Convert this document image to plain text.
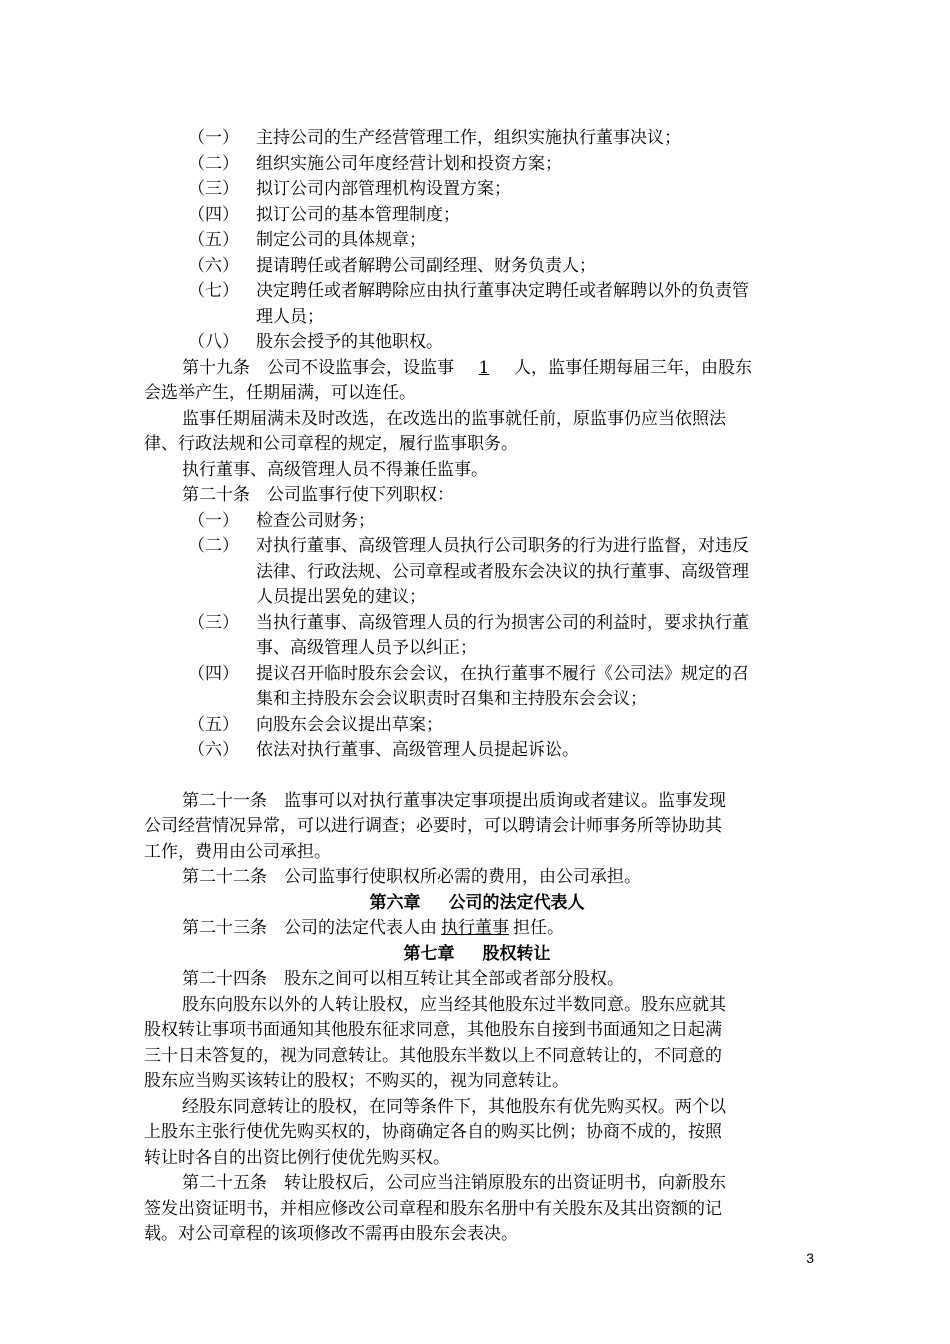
（一）	主持公司的生产经营管理工作，组织实施执行董事决议；
（二）	组织实施公司年度经营计划和投资方案；
（三）	拟订公司内部管理机构设置方案；
（四）	拟订公司的基本管理制度；
（五）	制定公司的具体规章；
（六）	提请聘任或者解聘公司副经理、财务负责人；
（七）	决定聘任或者解聘除应由执行董事决定聘任或者解聘以外的负责管
理人员；
（八）	股东会授予的其他职权。
第十九条　公司不设监事会，设监事 1 人，监事任期每届三年，由股东
会选举产生，任期届满，可以连任。
监事任期届满未及时改选，在改选出的监事就任前，原监事仍应当依照法
律、行政法规和公司章程的规定，履行监事职务。
执行董事、高级管理人员不得兼任监事。
第二十条　公司监事行使下列职权：
（一）	检查公司财务；
（二）	对执行董事、高级管理人员执行公司职务的行为进行监督，对违反
法律、行政法规、公司章程或者股东会决议的执行董事、高级管理
人员提出罢免的建议；
（三）	当执行董事、高级管理人员的行为损害公司的利益时，要求执行董
事、高级管理人员予以纠正；
（四）	提议召开临时股东会会议，在执行董事不履行《公司法》规定的召
集和主持股东会会议职责时召集和主持股东会会议；
（五）	向股东会会议提出草案；
（六）	依法对执行董事、高级管理人员提起诉讼。
第二十一条　监事可以对执行董事决定事项提出质询或者建议。监事发现
公司经营情况异常，可以进行调查；必要时，可以聘请会计师事务所等协助其
工作，费用由公司承担。
第二十二条　公司监事行使职权所必需的费用，由公司承担。
第六章 公司的法定代表人
第二十三条　公司的法定代表人由 执行董事 担任。
第七章 股权转让
第二十四条　股东之间可以相互转让其全部或者部分股权。
股东向股东以外的人转让股权，应当经其他股东过半数同意。股东应就其
股权转让事项书面通知其他股东征求同意，其他股东自接到书面通知之日起满
三十日未答复的，视为同意转让。其他股东半数以上不同意转让的，不同意的
股东应当购买该转让的股权；不购买的，视为同意转让。
经股东同意转让的股权，在同等条件下，其他股东有优先购买权。两个以
上股东主张行使优先购买权的，协商确定各自的购买比例；协商不成的，按照
转让时各自的出资比例行使优先购买权。
第二十五条　转让股权后，公司应当注销原股东的出资证明书，向新股东
签发出资证明书，并相应修改公司章程和股东名册中有关股东及其出资额的记
载。对公司章程的该项修改不需再由股东会表决。
3
